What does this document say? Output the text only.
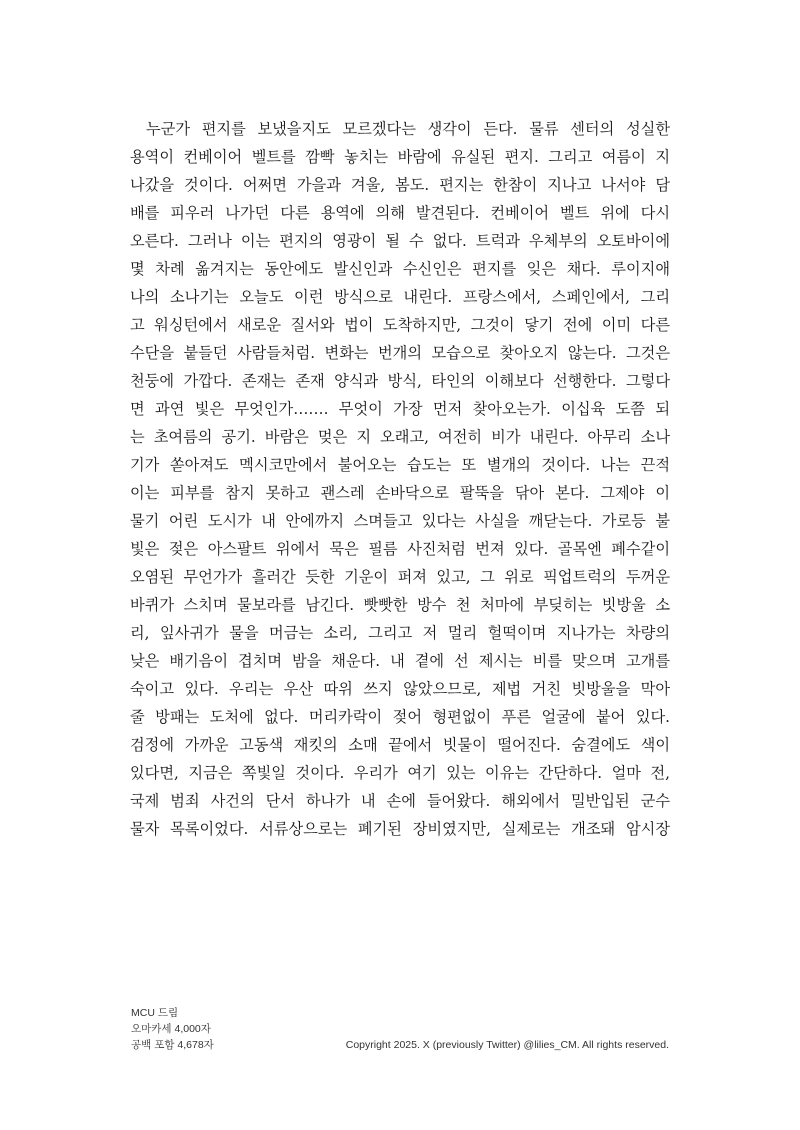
누군가 편지를 보냈을지도 모르겠다는 생각이 든다. 물류 센터의 성실한
용역이 컨베이어 벨트를 깜빡 놓치는 바람에 유실된 편지. 그리고 여름이 지
나갔을 것이다. 어쩌면 가을과 겨울, 봄도. 편지는 한참이 지나고 나서야 담
배를 피우러 나가던 다른 용역에 의해 발견된다. 컨베이어 벨트 위에 다시
오른다. 그러나 이는 편지의 영광이 될 수 없다. 트럭과 우체부의 오토바이에
몇 차례 옮겨지는 동안에도 발신인과 수신인은 편지를 잊은 채다. 루이지애
나의 소나기는 오늘도 이런 방식으로 내린다. 프랑스에서, 스페인에서, 그리
고 워싱턴에서 새로운 질서와 법이 도착하지만, 그것이 닿기 전에 이미 다른
수단을 붙들던 사람들처럼. 변화는 번개의 모습으로 찾아오지 않는다. 그것은
천둥에 가깝다. 존재는 존재 양식과 방식, 타인의 이해보다 선행한다. 그렇다
면 과연 빛은 무엇인가……. 무엇이 가장 먼저 찾아오는가. 이십육 도쯤 되
는 초여름의 공기. 바람은 멎은 지 오래고, 여전히 비가 내린다. 아무리 소나
기가 쏟아져도 멕시코만에서 불어오는 습도는 또 별개의 것이다. 나는 끈적
이는 피부를 참지 못하고 괜스레 손바닥으로 팔뚝을 닦아 본다. 그제야 이
물기 어린 도시가 내 안에까지 스며들고 있다는 사실을 깨닫는다. 가로등 불
빛은 젖은 아스팔트 위에서 묵은 필름 사진처럼 번져 있다. 골목엔 폐수같이
오염된 무언가가 흘러간 듯한 기운이 퍼져 있고, 그 위로 픽업트럭의 두꺼운
바퀴가 스치며 물보라를 남긴다. 빳빳한 방수 천 처마에 부딪히는 빗방울 소
리, 잎사귀가 물을 머금는 소리, 그리고 저 멀리 헐떡이며 지나가는 차량의
낮은 배기음이 겹치며 밤을 채운다. 내 곁에 선 제시는 비를 맞으며 고개를
숙이고 있다. 우리는 우산 따위 쓰지 않았으므로, 제법 거친 빗방울을 막아
줄 방패는 도처에 없다. 머리카락이 젖어 형편없이 푸른 얼굴에 붙어 있다.
검정에 가까운 고동색 재킷의 소매 끝에서 빗물이 떨어진다. 숨결에도 색이
있다면, 지금은 쪽빛일 것이다. 우리가 여기 있는 이유는 간단하다. 얼마 전,
국제 범죄 사건의 단서 하나가 내 손에 들어왔다. 해외에서 밀반입된 군수
물자 목록이었다. 서류상으로는 폐기된 장비였지만, 실제로는 개조돼 암시장
MCU 드림
오마카세 4,000자
공백 포함 4,678자	Copyright 2025. X (previously Twitter) @lilies_CM. All rights reserved.
